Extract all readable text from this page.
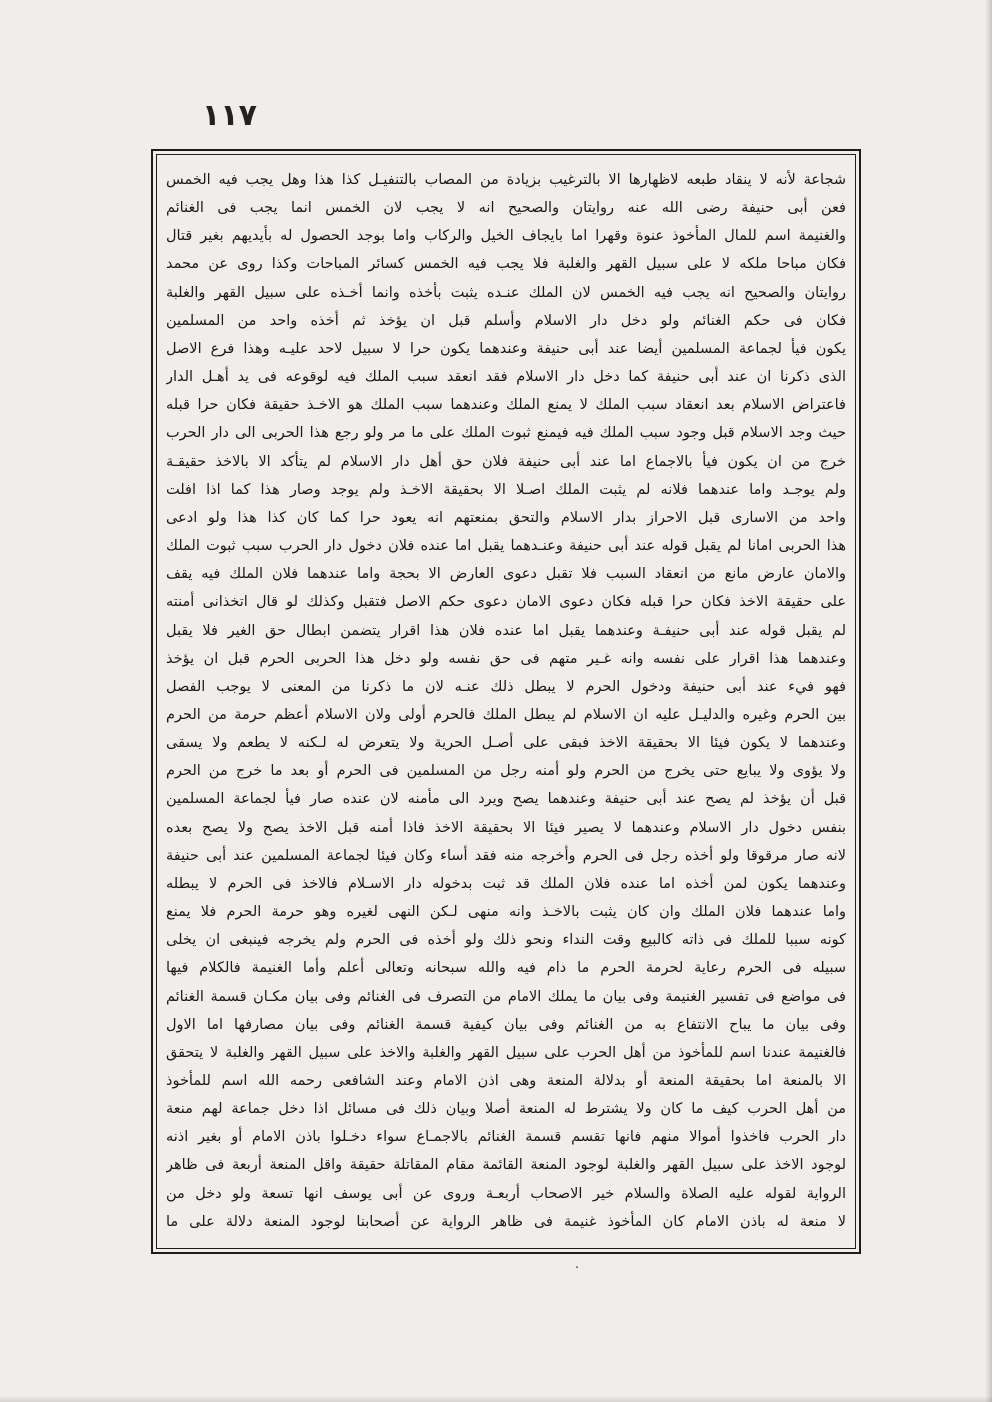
١١٧
شجاعة لأنه لا ينقاد طبعه لاظهارها الا بالترغيب بزيادة من المصاب بالتنفيـل كذا هذا وهل يجب فيه الخمس
فعن أبى حنيفة رضى الله عنه روايتان والصحيح انه لا يجب لان الخمس انما يجب فى الغنائم
والغنيمة اسم للمال المأخوذ عنوة وقهرا اما بايجاف الخيل والركاب واما بوجد الحصول له بأيديهم بغير قتال
فكان مباحا ملكه لا على سبيل القهر والغلبة فلا يجب فيه الخمس كسائر المباحات وكذا روى عن محمد
روايتان والصحيح انه يجب فيه الخمس لان الملك عنـده يثبت بأخذه وانما أخـذه على سبيل القهر والغلبة
فكان فى حكم الغنائم ولو دخل دار الاسلام وأسلم قبل ان يؤخذ ثم أخذه واحد من المسلمين
يكون فيأ لجماعة المسلمين أيضا عند أبى حنيفة وعندهما يكون حرا لا سبيل لاحد عليـه وهذا فرع الاصل
الذى ذكرنا ان عند أبى حنيفة كما دخل دار الاسلام فقد انعقد سبب الملك فيه لوقوعه فى يد أهـل الدار
فاعتراض الاسلام بعد انعقاد سبب الملك لا يمنع الملك وعندهما سبب الملك هو الاخـذ حقيقة فكان حرا قبله
حيث وجد الاسلام قبل وجود سبب الملك فيه فيمنع ثبوت الملك على ما مر ولو رجع هذا الحربى الى دار الحرب
خرج من ان يكون فيأ بالاجماع اما عند أبى حنيفة فلان حق أهل دار الاسلام لم يتأكد الا بالاخذ حقيقـة
ولم يوجـد واما عندهما فلانه لم يثبت الملك اصـلا الا بحقيقة الاخـذ ولم يوجد وصار هذا كما اذا افلت
واحد من الاسارى قبل الاحراز بدار الاسلام والتحق بمنعتهم انه يعود حرا كما كان كذا هذا ولو ادعى
هذا الحربى امانا لم يقبل قوله عند أبى حنيفة وعنـدهما يقبل اما عنده فلان دخول دار الحرب سبب ثبوت الملك
والامان عارض مانع من انعقاد السبب فلا تقبل دعوى العارض الا بحجة واما عندهما فلان الملك فيه يقف
على حقيقة الاخذ فكان حرا قبله فكان دعوى الامان دعوى حكم الاصل فتقبل وكذلك لو قال اتخذانى أمنته
لم يقبل قوله عند أبى حنيفـة وعندهما يقبل اما عنده فلان هذا اقرار يتضمن ابطال حق الغير فلا يقبل
وعندهما هذا اقرار على نفسه وانه غـير متهم فى حق نفسه ولو دخل هذا الحربى الحرم قبل ان يؤخذ
فهو فيء عند أبى حنيفة ودخول الحرم لا يبطل ذلك عنـه لان ما ذكرنا من المعنى لا يوجب الفصل
بين الحرم وغيره والدليـل عليه ان الاسلام لم يبطل الملك فالحرم أولى ولان الاسلام أعظم حرمة من الحرم
وعندهما لا يكون فيئا الا بحقيقة الاخذ فبقى على أصـل الحرية ولا يتعرض له لـكنه لا يطعم ولا يسقى
ولا يؤوى ولا يبايع حتى يخرج من الحرم ولو أمنه رجل من المسلمين فى الحرم أو بعد ما خرج من الحرم
قبل أن يؤخذ لم يصح عند أبى حنيفة وعندهما يصح ويرد الى مأمنه لان عنده صار فيأ لجماعة المسلمين
بنفس دخول دار الاسلام وعندهما لا يصير فيئا الا بحقيقة الاخذ فاذا أمنه قبل الاخذ يصح ولا يصح بعده
لانه صار مرقوقا ولو أخذه رجل فى الحرم وأخرجه منه فقد أساء وكان فيئا لجماعة المسلمين عند أبى حنيفة
وعندهما يكون لمن أخذه اما عنده فلان الملك قد ثبت بدخوله دار الاسـلام فالاخذ فى الحرم لا يبطله
واما عندهما فلان الملك وان كان يثبت بالاخـذ وانه منهى لـكن النهى لغيره وهو حرمة الحرم فلا يمنع
كونه سببا للملك فى ذاته كالبيع وقت النداء ونحو ذلك ولو أخذه فى الحرم ولم يخرجه فينبغى ان يخلى
سبيله فى الحرم رعاية لحرمة الحرم ما دام فيه والله سبحانه وتعالى أعلم وأما الغنيمة فالكلام فيها
فى مواضع فى تفسير الغنيمة وفى بيان ما يملك الامام من التصرف فى الغنائم وفى بيان مكـان قسمة الغنائم
وفى بيان ما يباح الانتفاع به من الغنائم وفى بيان كيفية قسمة الغنائم وفى بيان مصارفها اما الاول
فالغنيمة عندنا اسم للمأخوذ من أهل الحرب على سبيل القهر والغلبة والاخذ على سبيل القهر والغلبة لا يتحقق
الا بالمنعة اما بحقيقة المنعة أو بدلالة المنعة وهى اذن الامام وعند الشافعى رحمه الله اسم للمأخوذ
من أهل الحرب كيف ما كان ولا يشترط له المنعة أصلا وبيان ذلك فى مسائل اذا دخل جماعة لهم منعة
دار الحرب فاخذوا أموالا منهم فانها تقسم قسمة الغنائم بالاجمـاع سواء دخـلوا باذن الامام أو بغير اذنه
لوجود الاخذ على سبيل القهر والغلبة لوجود المنعة القائمة مقام المقاتلة حقيقة واقل المنعة أربعة فى ظاهر
الرواية لقوله عليه الصلاة والسلام خير الاصحاب أربعـة وروى عن أبى يوسف انها تسعة ولو دخل من
لا منعة له باذن الامام كان المأخوذ غنيمة فى ظاهر الرواية عن أصحابنا لوجود المنعة دلالة على ما
·
